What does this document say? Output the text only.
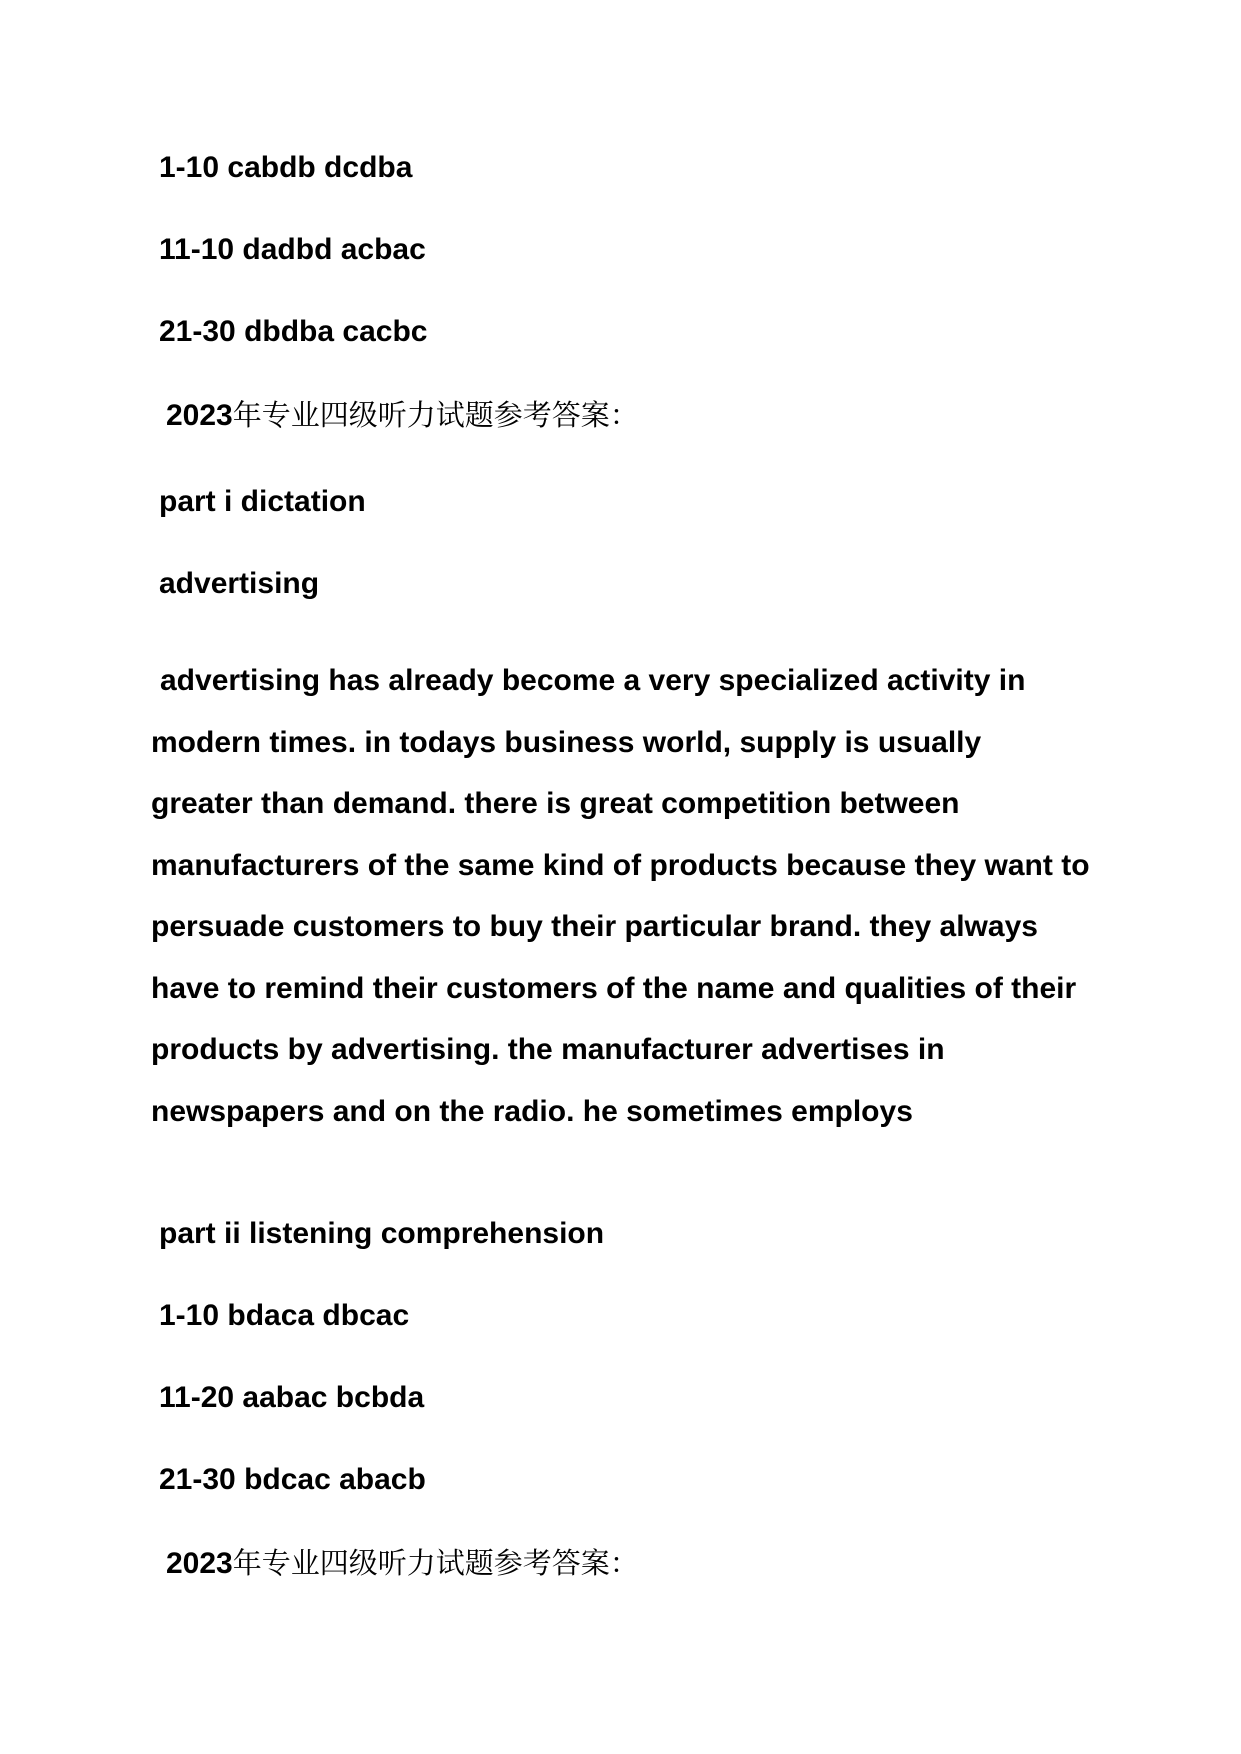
1-10 cabdb dcdba
11-10 dadbd acbac
21-30 dbdba cacbc
2023年专业四级听力试题参考答案：
part i dictation
advertising

advertising has already become a very specialized activity in modern times. in todays business world, supply is usually greater than demand. there is great competition between manufacturers of the same kind of products because they want to persuade customers to buy their particular brand. they always have to remind their customers of the name and qualities of their products by advertising. the manufacturer advertises in newspapers and on the radio. he sometimes employs

part ii listening comprehension
1-10 bdaca dbcac
11-20 aabac bcbda
21-30 bdcac abacb
2023年专业四级听力试题参考答案：
